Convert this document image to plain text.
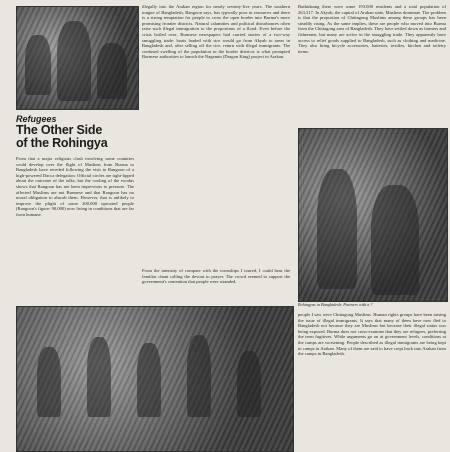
Refugees
The Other Side
of the Rohingya
From that a major religious clash involving some countries could develop over the flight of Muslims from Burma to Bangladesh have receded following the visit to Rangoon of a high-powered Dacca delegation. Official circles are tight-lipped about the outcome of the talks, but the cooling of the exodus shows that Rangoon has not been impervious to pressure. The affected Muslims are not Burmese and that Rangoon has no moral obligation to absorb them. However, that is unlikely to improve the plight of some 200,000 uprooted people (Rangoon's figure: 90,000) now living in conditions that are far from humane.
illegally into the Arakan region for nearly seventy-five years. The southern tongue of Bangladesh, Rangoon says, has typically poor in resources and there is a strong temptation for people to cross the open border into Burma's more promising frontier districts. Natural calamities and political disturbances often raise such illegal immigration to the proportions of a flood. Even before the crisis boiled over, Burmese newspapers had carried stories of a two-way smuggling trade: boats loaded with rice would go from Akyab to areas in Bangladesh and, after selling off the rice, return with illegal immigrants. The confused swelling of the population in the border districts is what prompted Burmese authorities to launch the Nagamin (Dragon King) project in Arakan.
From the intensity of compare with the townships I toured, I could hear the familiar chant calling the devout to prayer. The crowd seemed to support the government's contention that people were stranded.
Buthidaung there were some 193,000 residents and a total population of 263,317. In Akyab, the capital of Arakan state, Muslims dominate. The problem is that the proportion of Chittagong Muslims among these groups has been steadily rising. As the same implies, these are people who moved into Burma from the Chittagong area of Bangladesh. They have settled down as farmers and fishermen, but many are active in the smuggling trade. They apparently have access to relief goods supplied to Bangladesh, such as clothing and medicine. They also bring bicycle accessories, batteries, textiles, kitchen and toiletry items.
Rohingyas in Bangladesh: Partners with a ?
people I saw were Chittagong Muslims. Human rights groups have been raising the issue of illegal immigrants. It says that many of them have now fled to Bangladesh not because they are Muslims but because their illegal status was being exposed. Burma does not cross-examine that they are refugees, preferring the term fugitives. While arguments go on at government levels, conditions at the camps are worsening. People described as illegal immigrants are being kept in camps in Arakan. Many of them are said to have crept back into Arakan from the camps in Bangladesh.
